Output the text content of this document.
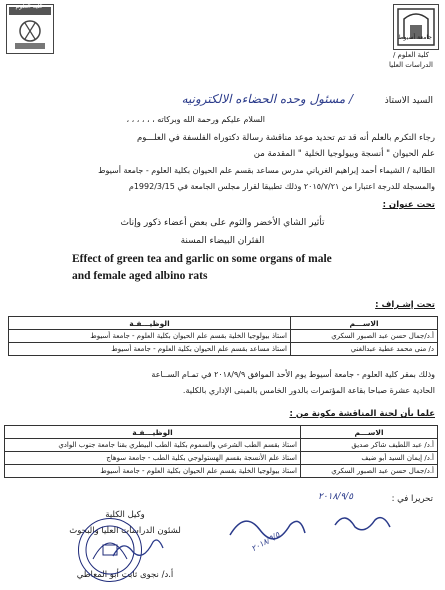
كلية العلوم
جامعة أسيوط
كلية العلوم / الدراسات العليا
السيد الاستاذ
/ مسئول وحده الحضاءه الالكترونيه
السلام عليكم ورحمة الله وبركاته ، ، ، ، ، ،
رجاء التكرم بالعلم أنه قد تم تحديد موعد مناقشة رسالة دكتوراه الفلسفة في العلـــوم
علم الحيوان " أنسجة وبيولوجيا الخلية " المقدمة من
الطالبة / الشيماء أحمد إبراهيم الغرياني مدرس مساعد بقسم علم الحيوان بكلية العلوم - جامعة أسيوط
والمسجلة للدرجة اعتبارا من ٢٠١٥/٧/٢١ وذلك تطبيقا لقرار مجلس الجامعة في 1992/3/15م
تحت عنوان :
تأثير الشاي الأخضر والثوم على بعض أعضاء ذكور وإناث
الفئران البيضاء المسنة
Effect of green tea and garlic on some organs of male
and female aged albino rats
تحت إشـراف :
الاســـم	الوظيـــفـة
أ.د/جمال حسن عبد الصبور السكري	استاذ بيولوجيا الخلية بقسم علم الحيوان بكلية العلوم - جامعة أسيوط
د/ منى محمد عطية عبدالغني	استاذ مساعد بقسم علم الحيوان بكلية العلوم - جامعة أسيوط
وذلك بمقر كلية العلوم - جامعة أسيوط يوم الأحد الموافق ٢٠١٨/٩/٩ في تمـام الســاعة
الحادية عشرة صباحا بقاعة المؤتمرات بالدور الخامس بالمبنى الإداري بالكلية.
علما بأن لجنة المناقشة مكونة من :
الاســـم	الوظيـــفـة
أ.د/ عبد اللطيف شاكر صديق	استاذ بقسم الطب الشرعي والسموم بكلية الطب البيطري بقنا جامعة جنوب الوادي
أ.د/ إيمان السيد أبو ضيف	استاذ علم الأنسجة بقسم الهستولوجي بكلية الطب - جامعة سوهاج
أ.د/جمال حسن عبد الصبور السكري	استاذ بيولوجيا الخلية بقسم علم الحيوان بكلية العلوم - جامعة أسيوط
تحريرا في :
٢٠١٨/٩/٥
٢٠١٨/٩/٥
وكيل الكلية
لشئون الدراسات العليا والبحوث
أ.د/ نجوى ثابت أبو المعاطي
